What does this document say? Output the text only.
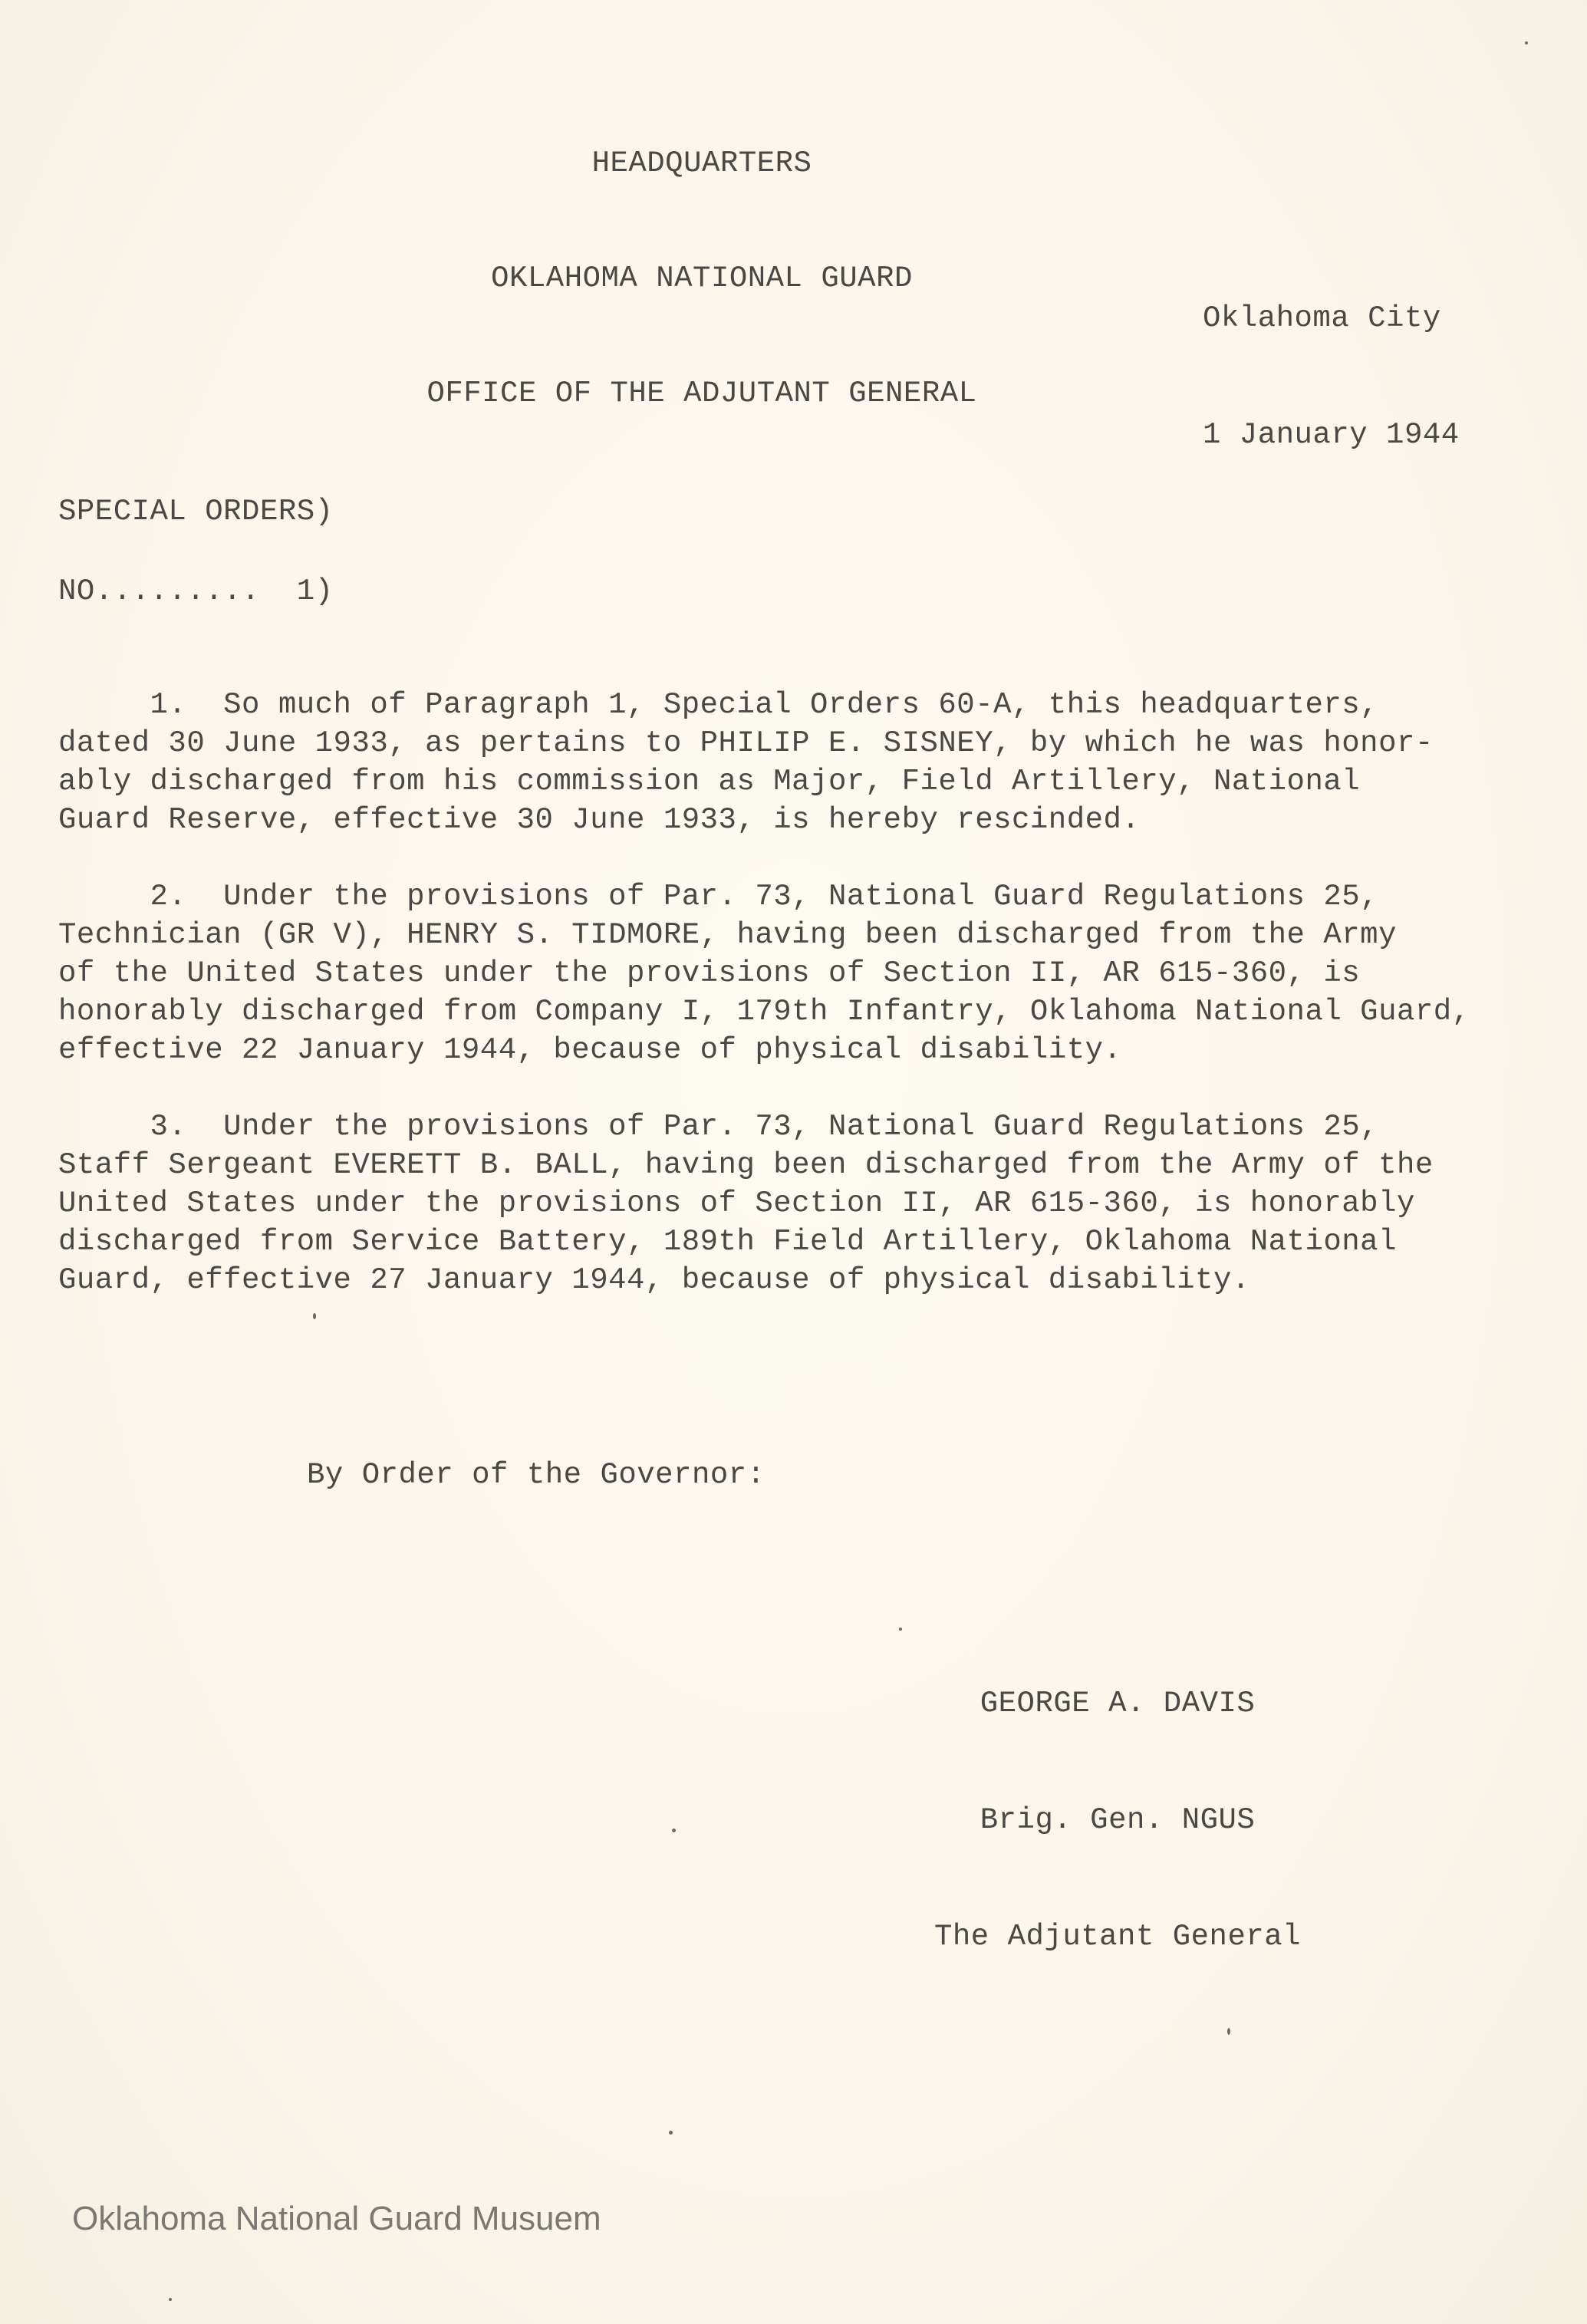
HEADQUARTERS

OKLAHOMA NATIONAL GUARD

OFFICE OF THE ADJUTANT GENERAL

Oklahoma City

1 January 1944

SPECIAL ORDERS)
NO.........  1)
1.  So much of Paragraph 1, Special Orders 60-A, this headquarters,
dated 30 June 1933, as pertains to PHILIP E. SISNEY, by which he was honor-
ably discharged from his commission as Major, Field Artillery, National
Guard Reserve, effective 30 June 1933, is hereby rescinded.
2.  Under the provisions of Par. 73, National Guard Regulations 25,
Technician (GR V), HENRY S. TIDMORE, having been discharged from the Army
of the United States under the provisions of Section II, AR 615-360, is
honorably discharged from Company I, 179th Infantry, Oklahoma National Guard,
effective 22 January 1944, because of physical disability.
3.  Under the provisions of Par. 73, National Guard Regulations 25,
Staff Sergeant EVERETT B. BALL, having been discharged from the Army of the
United States under the provisions of Section II, AR 615-360, is honorably
discharged from Service Battery, 189th Field Artillery, Oklahoma National
Guard, effective 27 January 1944, because of physical disability.
By Order of the Governor:

GEORGE A. DAVIS

Brig. Gen. NGUS

The Adjutant General

Oklahoma National Guard Musuem
